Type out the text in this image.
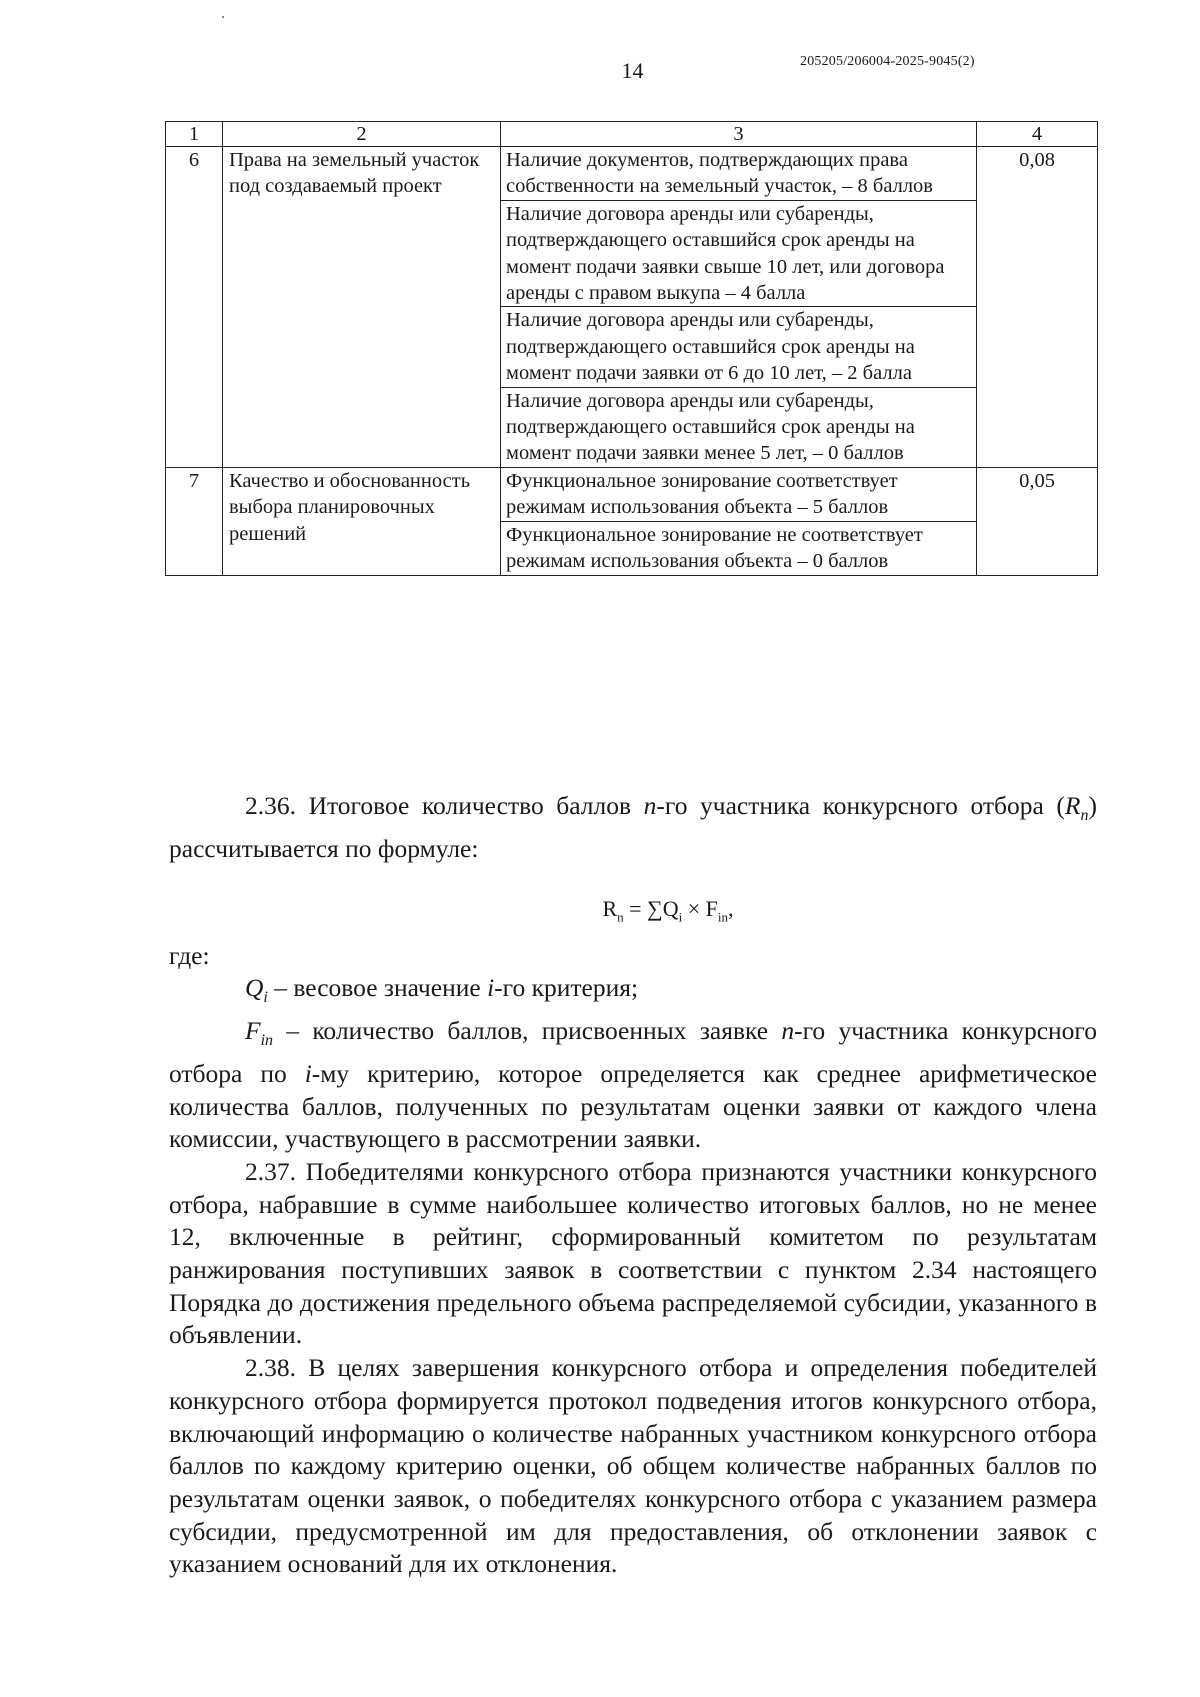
14	205205/206004-2025-9045(2)
1	2	3	4
6	Права на земельный участок под создаваемый проект	Наличие документов, подтверждающих права собственности на земельный участок, – 8 баллов	0,08
		Наличие договора аренды или субаренды, подтверждающего оставшийся срок аренды на момент подачи заявки свыше 10 лет, или договора аренды с правом выкупа – 4 балла	
		Наличие договора аренды или субаренды, подтверждающего оставшийся срок аренды на момент подачи заявки от 6 до 10 лет, – 2 балла	
		Наличие договора аренды или субаренды, подтверждающего оставшийся срок аренды на момент подачи заявки менее 5 лет, – 0 баллов	
7	Качество и обоснованность выбора планировочных решений	Функциональное зонирование соответствует режимам использования объекта – 5 баллов	0,05
		Функциональное зонирование не соответствует режимам использования объекта – 0 баллов	

2.36. Итоговое количество баллов n-го участника конкурсного отбора $(R_n)$ рассчитывается по формуле:

$R_n = \sum Q_i \times F_{in}$,

где:

$Q_i$ – весовое значение i-го критерия;

$F_{in}$ – количество баллов, присвоенных заявке n-го участника конкурсного отбора по i-му критерию, которое определяется как среднее арифметическое количества баллов, полученных по результатам оценки заявки от каждого члена комиссии, участвующего в рассмотрении заявки.

2.37. Победителями конкурсного отбора признаются участники конкурсного отбора, набравшие в сумме наибольшее количество итоговых баллов, но не менее 12, включенные в рейтинг, сформированный комитетом по результатам ранжирования поступивших заявок в соответствии с пунктом 2.34 настоящего Порядка до достижения предельного объема распределяемой субсидии, указанного в объявлении.

2.38. В целях завершения конкурсного отбора и определения победителей конкурсного отбора формируется протокол подведения итогов конкурсного отбора, включающий информацию о количестве набранных участником конкурсного отбора баллов по каждому критерию оценки, об общем количестве набранных баллов по результатам оценки заявок, о победителях конкурсного отбора с указанием размера субсидии, предусмотренной им для предоставления, об отклонении заявок с указанием оснований для их отклонения.
